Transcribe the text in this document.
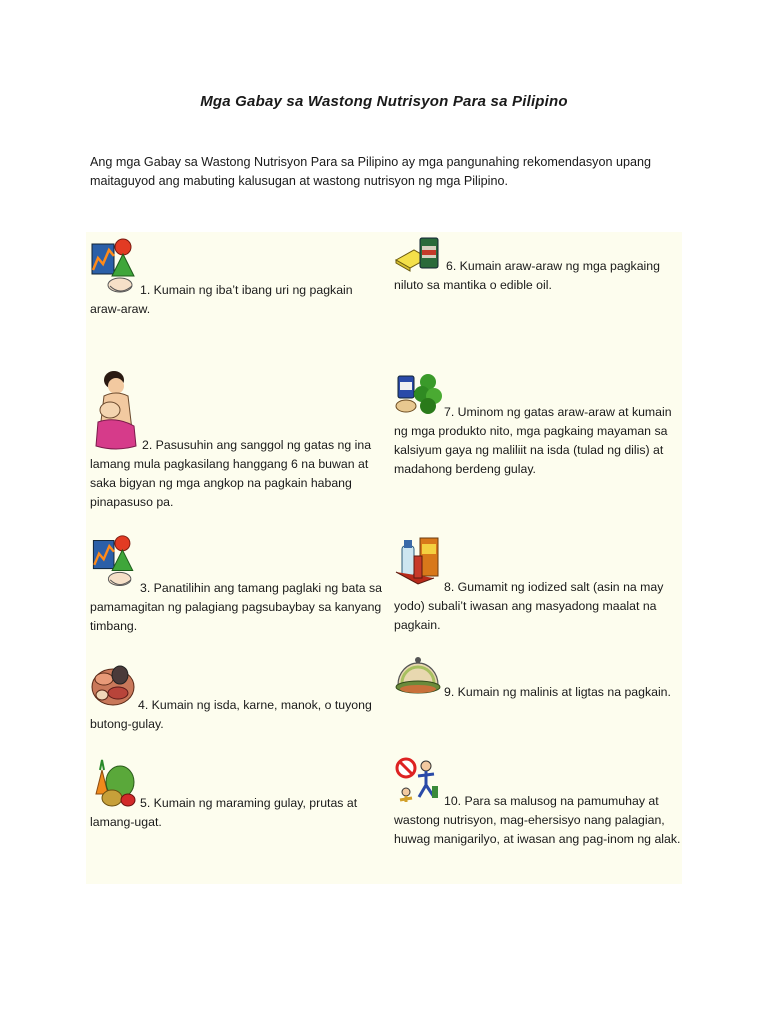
Mga Gabay sa Wastong Nutrisyon Para sa Pilipino
Ang mga Gabay sa Wastong Nutrisyon Para sa Pilipino ay mga pangunahing rekomendasyon upang maitaguyod ang mabuting kalusugan at wastong nutrisyon ng mga Pilipino.

1. Kumain ng iba’t ibang uri ng pagkain araw-araw.

2. Pasusuhin ang sanggol ng gatas ng ina lamang mula pagkasilang hanggang 6 na buwan at saka bigyan ng mga angkop na pagkain habang pinapasuso pa.

3. Panatilihin ang tamang paglaki ng bata sa pamamagitan ng palagiang pagsubaybay sa kanyang timbang.

4. Kumain ng isda, karne, manok, o tuyong butong-gulay.

5. Kumain ng maraming gulay, prutas at lamang-ugat.

6. Kumain araw-araw ng mga pagkaing niluto sa mantika o edible oil.

7. Uminom ng gatas araw-araw at kumain ng mga produkto nito, mga pagkaing mayaman sa kalsiyum gaya ng maliliit na isda (tulad ng dilis) at madahong berdeng gulay.

8. Gumamit ng iodized salt (asin na may yodo) subali’t iwasan ang masyadong maalat na pagkain.

9. Kumain ng malinis at ligtas na pagkain.

10. Para sa malusog na pamumuhay at wastong nutrisyon, mag-ehersisyo nang palagian, huwag manigarilyo, at iwasan ang pag-inom ng alak.
